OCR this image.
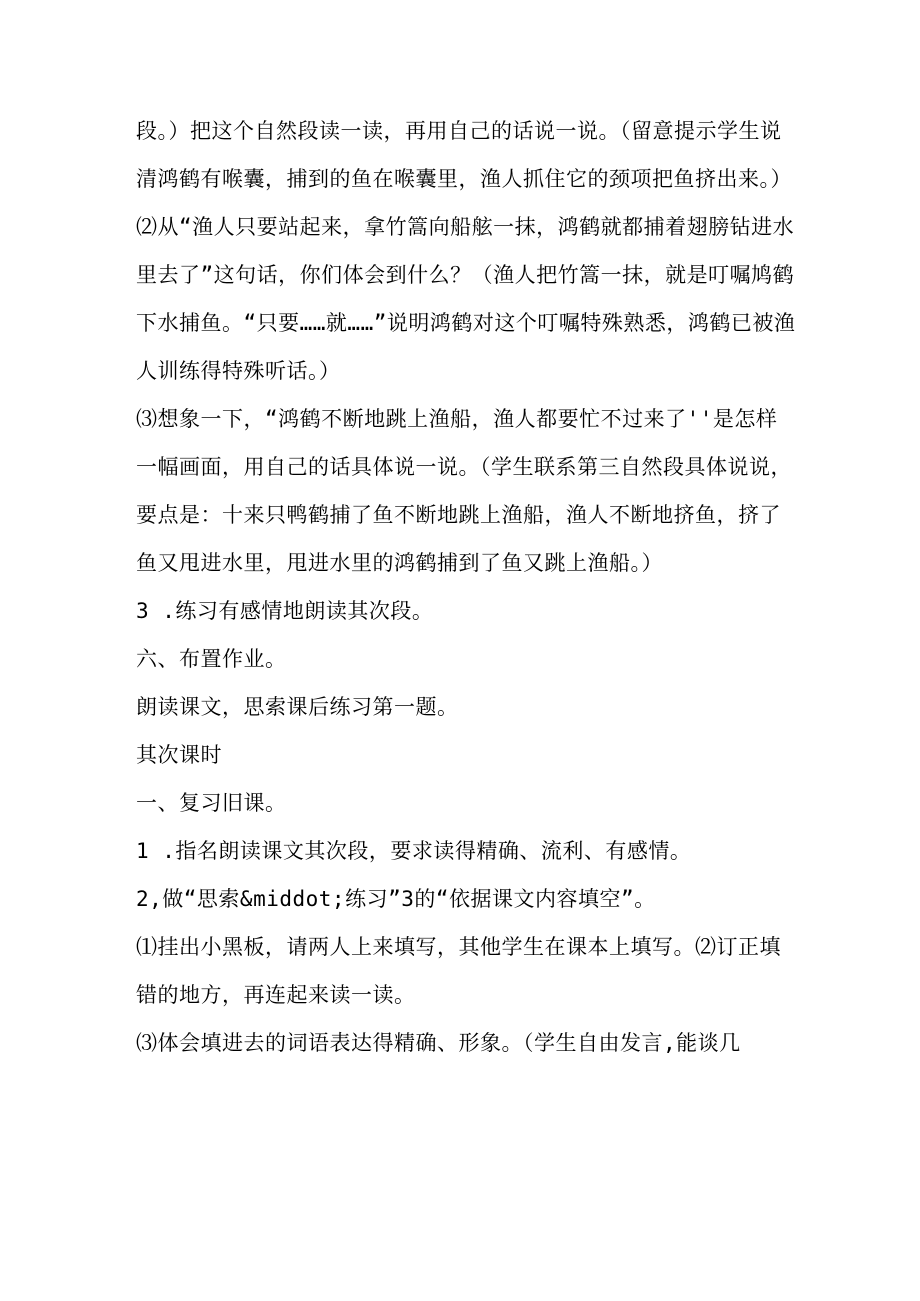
段。）把这个自然段读一读，再用自己的话说一说。（留意提示学生说清鸿鹤有喉囊，捕到的鱼在喉囊里，渔人抓住它的颈项把鱼挤出来。）

⑵从“渔人只要站起来，拿竹篙向船舷一抹，鸿鹤就都捕着翅膀钻进水里去了”这句话，你们体会到什么？（渔人把竹篙一抹，就是叮嘱鸠鹤下水捕鱼。“只要……就……”说明鸿鹤对这个叮嘱特殊熟悉，鸿鹤已被渔人训练得特殊听话。）

⑶想象一下，“鸿鹤不断地跳上渔船，渔人都要忙不过来了''是怎样一幅画面，用自己的话具体说一说。（学生联系第三自然段具体说说，要点是：十来只鸭鹤捕了鱼不断地跳上渔船，渔人不断地挤鱼，挤了鱼又甩进水里，甩进水里的鸿鹤捕到了鱼又跳上渔船。）

3 .练习有感情地朗读其次段。

六、布置作业。

朗读课文，思索课后练习第一题。

其次课时

一、复习旧课。

1 .指名朗读课文其次段，要求读得精确、流利、有感情。

2,做“思索&middot;练习”3的“依据课文内容填空”。

⑴挂出小黑板，请两人上来填写，其他学生在课本上填写。⑵订正填错的地方，再连起来读一读。

⑶体会填进去的词语表达得精确、形象。（学生自由发言,能谈几
